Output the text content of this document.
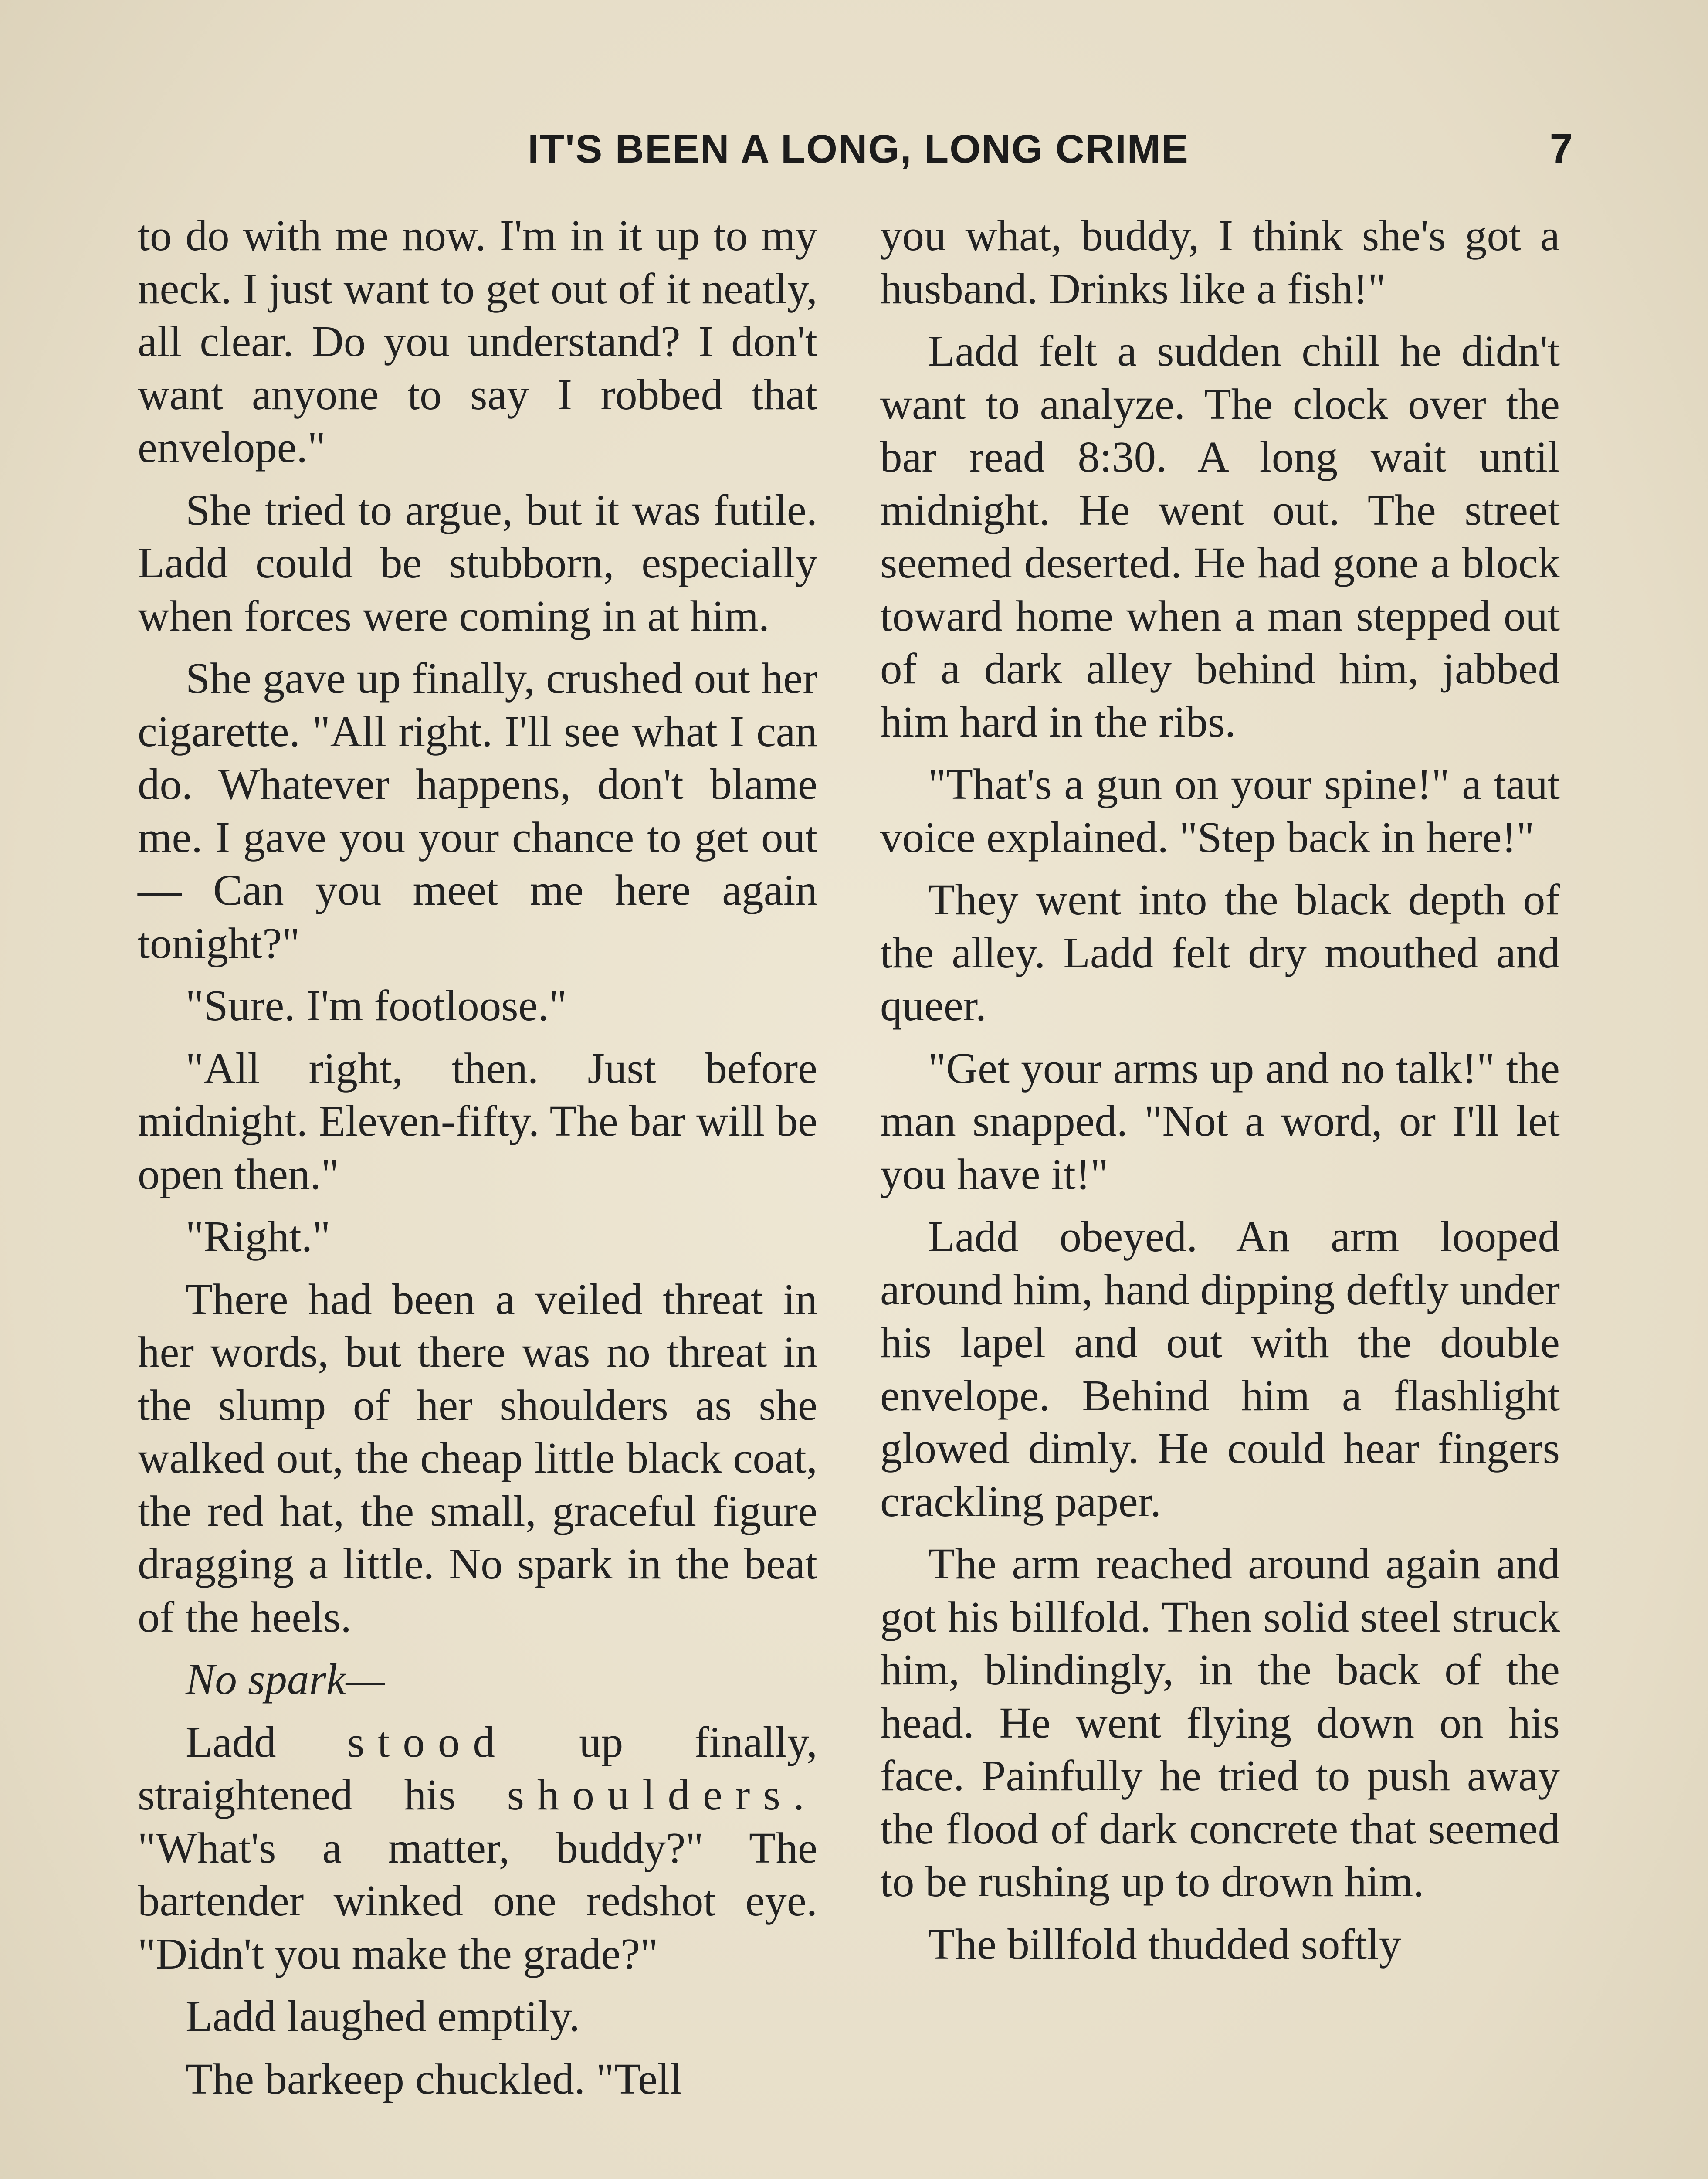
IT'S BEEN A LONG, LONG CRIME	7

to do with me now. I'm in it up to my neck. I just want to get out of it neatly, all clear. Do you understand? I don't want anyone to say I robbed that envelope."

She tried to argue, but it was futile. Ladd could be stubborn, especially when forces were coming in at him.

She gave up finally, crushed out her cigarette. "All right. I'll see what I can do. Whatever happens, don't blame me. I gave you your chance to get out— Can you meet me here again tonight?"

"Sure. I'm footloose."

"All right, then. Just before midnight. Eleven-fifty. The bar will be open then."

"Right."

There had been a veiled threat in her words, but there was no threat in the slump of her shoulders as she walked out, the cheap little black coat, the red hat, the small, graceful figure dragging a little. No spark in the beat of the heels.

No spark—

Ladd stood up finally, straightened his shoulders. "What's a matter, buddy?" The bartender winked one redshot eye. "Didn't you make the grade?"

Ladd laughed emptily.

The barkeep chuckled. "Tell

you what, buddy, I think she's got a husband. Drinks like a fish!"

Ladd felt a sudden chill he didn't want to analyze. The clock over the bar read 8:30. A long wait until midnight. He went out. The street seemed deserted. He had gone a block toward home when a man stepped out of a dark alley behind him, jabbed him hard in the ribs.

"That's a gun on your spine!" a taut voice explained. "Step back in here!"

They went into the black depth of the alley. Ladd felt dry mouthed and queer.

"Get your arms up and no talk!" the man snapped. "Not a word, or I'll let you have it!"

Ladd obeyed. An arm looped around him, hand dipping deftly under his lapel and out with the double envelope. Behind him a flashlight glowed dimly. He could hear fingers crackling paper.

The arm reached around again and got his billfold. Then solid steel struck him, blindingly, in the back of the head. He went flying down on his face. Painfully he tried to push away the flood of dark concrete that seemed to be rushing up to drown him.

The billfold thudded softly
